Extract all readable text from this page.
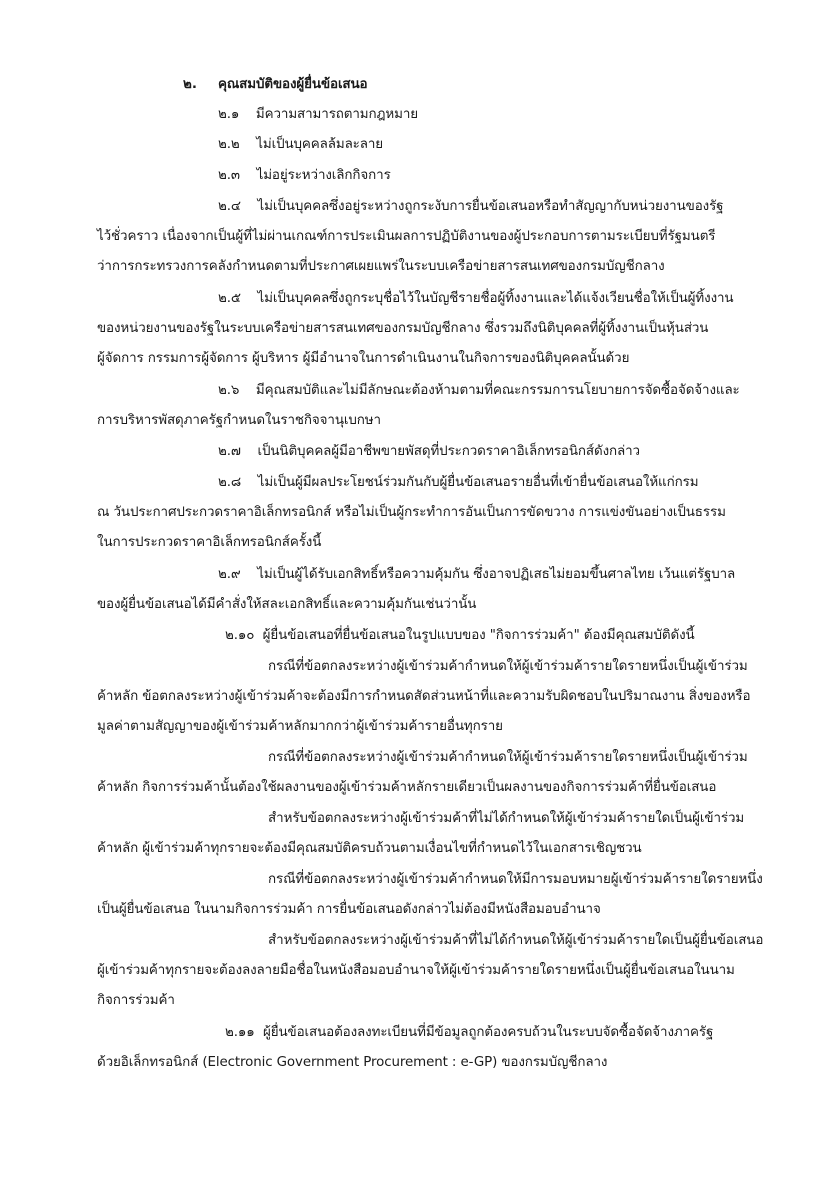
๒. คุณสมบัติของผู้ยื่นข้อเสนอ
๒.๑    มีความสามารถตามกฎหมาย
๒.๒    ไม่เป็นบุคคลล้มละลาย
๒.๓    ไม่อยู่ระหว่างเลิกกิจการ
๒.๔    ไม่เป็นบุคคลซึ่งอยู่ระหว่างถูกระงับการยื่นข้อเสนอหรือทำสัญญากับหน่วยงานของรัฐ
ไว้ชั่วคราว เนื่องจากเป็นผู้ที่ไม่ผ่านเกณฑ์การประเมินผลการปฏิบัติงานของผู้ประกอบการตามระเบียบที่รัฐมนตรี
ว่าการกระทรวงการคลังกำหนดตามที่ประกาศเผยแพร่ในระบบเครือข่ายสารสนเทศของกรมบัญชีกลาง
๒.๕    ไม่เป็นบุคคลซึ่งถูกระบุชื่อไว้ในบัญชีรายชื่อผู้ทิ้งงานและได้แจ้งเวียนชื่อให้เป็นผู้ทิ้งงาน
ของหน่วยงานของรัฐในระบบเครือข่ายสารสนเทศของกรมบัญชีกลาง ซึ่งรวมถึงนิติบุคคลที่ผู้ทิ้งงานเป็นหุ้นส่วน
ผู้จัดการ กรรมการผู้จัดการ ผู้บริหาร ผู้มีอำนาจในการดำเนินงานในกิจการของนิติบุคคลนั้นด้วย
๒.๖    มีคุณสมบัติและไม่มีลักษณะต้องห้ามตามที่คณะกรรมการนโยบายการจัดซื้อจัดจ้างและ
การบริหารพัสดุภาครัฐกำหนดในราชกิจจานุเบกษา
๒.๗    เป็นนิติบุคคลผู้มีอาชีพขายพัสดุที่ประกวดราคาอิเล็กทรอนิกส์ดังกล่าว
๒.๘    ไม่เป็นผู้มีผลประโยชน์ร่วมกันกับผู้ยื่นข้อเสนอรายอื่นที่เข้ายื่นข้อเสนอให้แก่กรม
ณ วันประกาศประกวดราคาอิเล็กทรอนิกส์ หรือไม่เป็นผู้กระทำการอันเป็นการขัดขวาง การแข่งขันอย่างเป็นธรรม
ในการประกวดราคาอิเล็กทรอนิกส์ครั้งนี้
๒.๙    ไม่เป็นผู้ได้รับเอกสิทธิ์หรือความคุ้มกัน ซึ่งอาจปฏิเสธไม่ยอมขึ้นศาลไทย เว้นแต่รัฐบาล
ของผู้ยื่นข้อเสนอได้มีคำสั่งให้สละเอกสิทธิ์และความคุ้มกันเช่นว่านั้น
๒.๑๐  ผู้ยื่นข้อเสนอที่ยื่นข้อเสนอในรูปแบบของ "กิจการร่วมค้า" ต้องมีคุณสมบัติดังนี้
กรณีที่ข้อตกลงระหว่างผู้เข้าร่วมค้ากำหนดให้ผู้เข้าร่วมค้ารายใดรายหนึ่งเป็นผู้เข้าร่วม
ค้าหลัก ข้อตกลงระหว่างผู้เข้าร่วมค้าจะต้องมีการกำหนดสัดส่วนหน้าที่และความรับผิดชอบในปริมาณงาน สิ่งของหรือ
มูลค่าตามสัญญาของผู้เข้าร่วมค้าหลักมากกว่าผู้เข้าร่วมค้ารายอื่นทุกราย
กรณีที่ข้อตกลงระหว่างผู้เข้าร่วมค้ากำหนดให้ผู้เข้าร่วมค้ารายใดรายหนึ่งเป็นผู้เข้าร่วม
ค้าหลัก กิจการร่วมค้านั้นต้องใช้ผลงานของผู้เข้าร่วมค้าหลักรายเดียวเป็นผลงานของกิจการร่วมค้าที่ยื่นข้อเสนอ
สำหรับข้อตกลงระหว่างผู้เข้าร่วมค้าที่ไม่ได้กำหนดให้ผู้เข้าร่วมค้ารายใดเป็นผู้เข้าร่วม
ค้าหลัก ผู้เข้าร่วมค้าทุกรายจะต้องมีคุณสมบัติครบถ้วนตามเงื่อนไขที่กำหนดไว้ในเอกสารเชิญชวน
กรณีที่ข้อตกลงระหว่างผู้เข้าร่วมค้ากำหนดให้มีการมอบหมายผู้เข้าร่วมค้ารายใดรายหนึ่ง
เป็นผู้ยื่นข้อเสนอ ในนามกิจการร่วมค้า การยื่นข้อเสนอดังกล่าวไม่ต้องมีหนังสือมอบอำนาจ
สำหรับข้อตกลงระหว่างผู้เข้าร่วมค้าที่ไม่ได้กำหนดให้ผู้เข้าร่วมค้ารายใดเป็นผู้ยื่นข้อเสนอ
ผู้เข้าร่วมค้าทุกรายจะต้องลงลายมือชื่อในหนังสือมอบอำนาจให้ผู้เข้าร่วมค้ารายใดรายหนึ่งเป็นผู้ยื่นข้อเสนอในนาม
กิจการร่วมค้า
๒.๑๑  ผู้ยื่นข้อเสนอต้องลงทะเบียนที่มีข้อมูลถูกต้องครบถ้วนในระบบจัดซื้อจัดจ้างภาครัฐ
ด้วยอิเล็กทรอนิกส์ (Electronic Government Procurement : e-GP) ของกรมบัญชีกลาง
